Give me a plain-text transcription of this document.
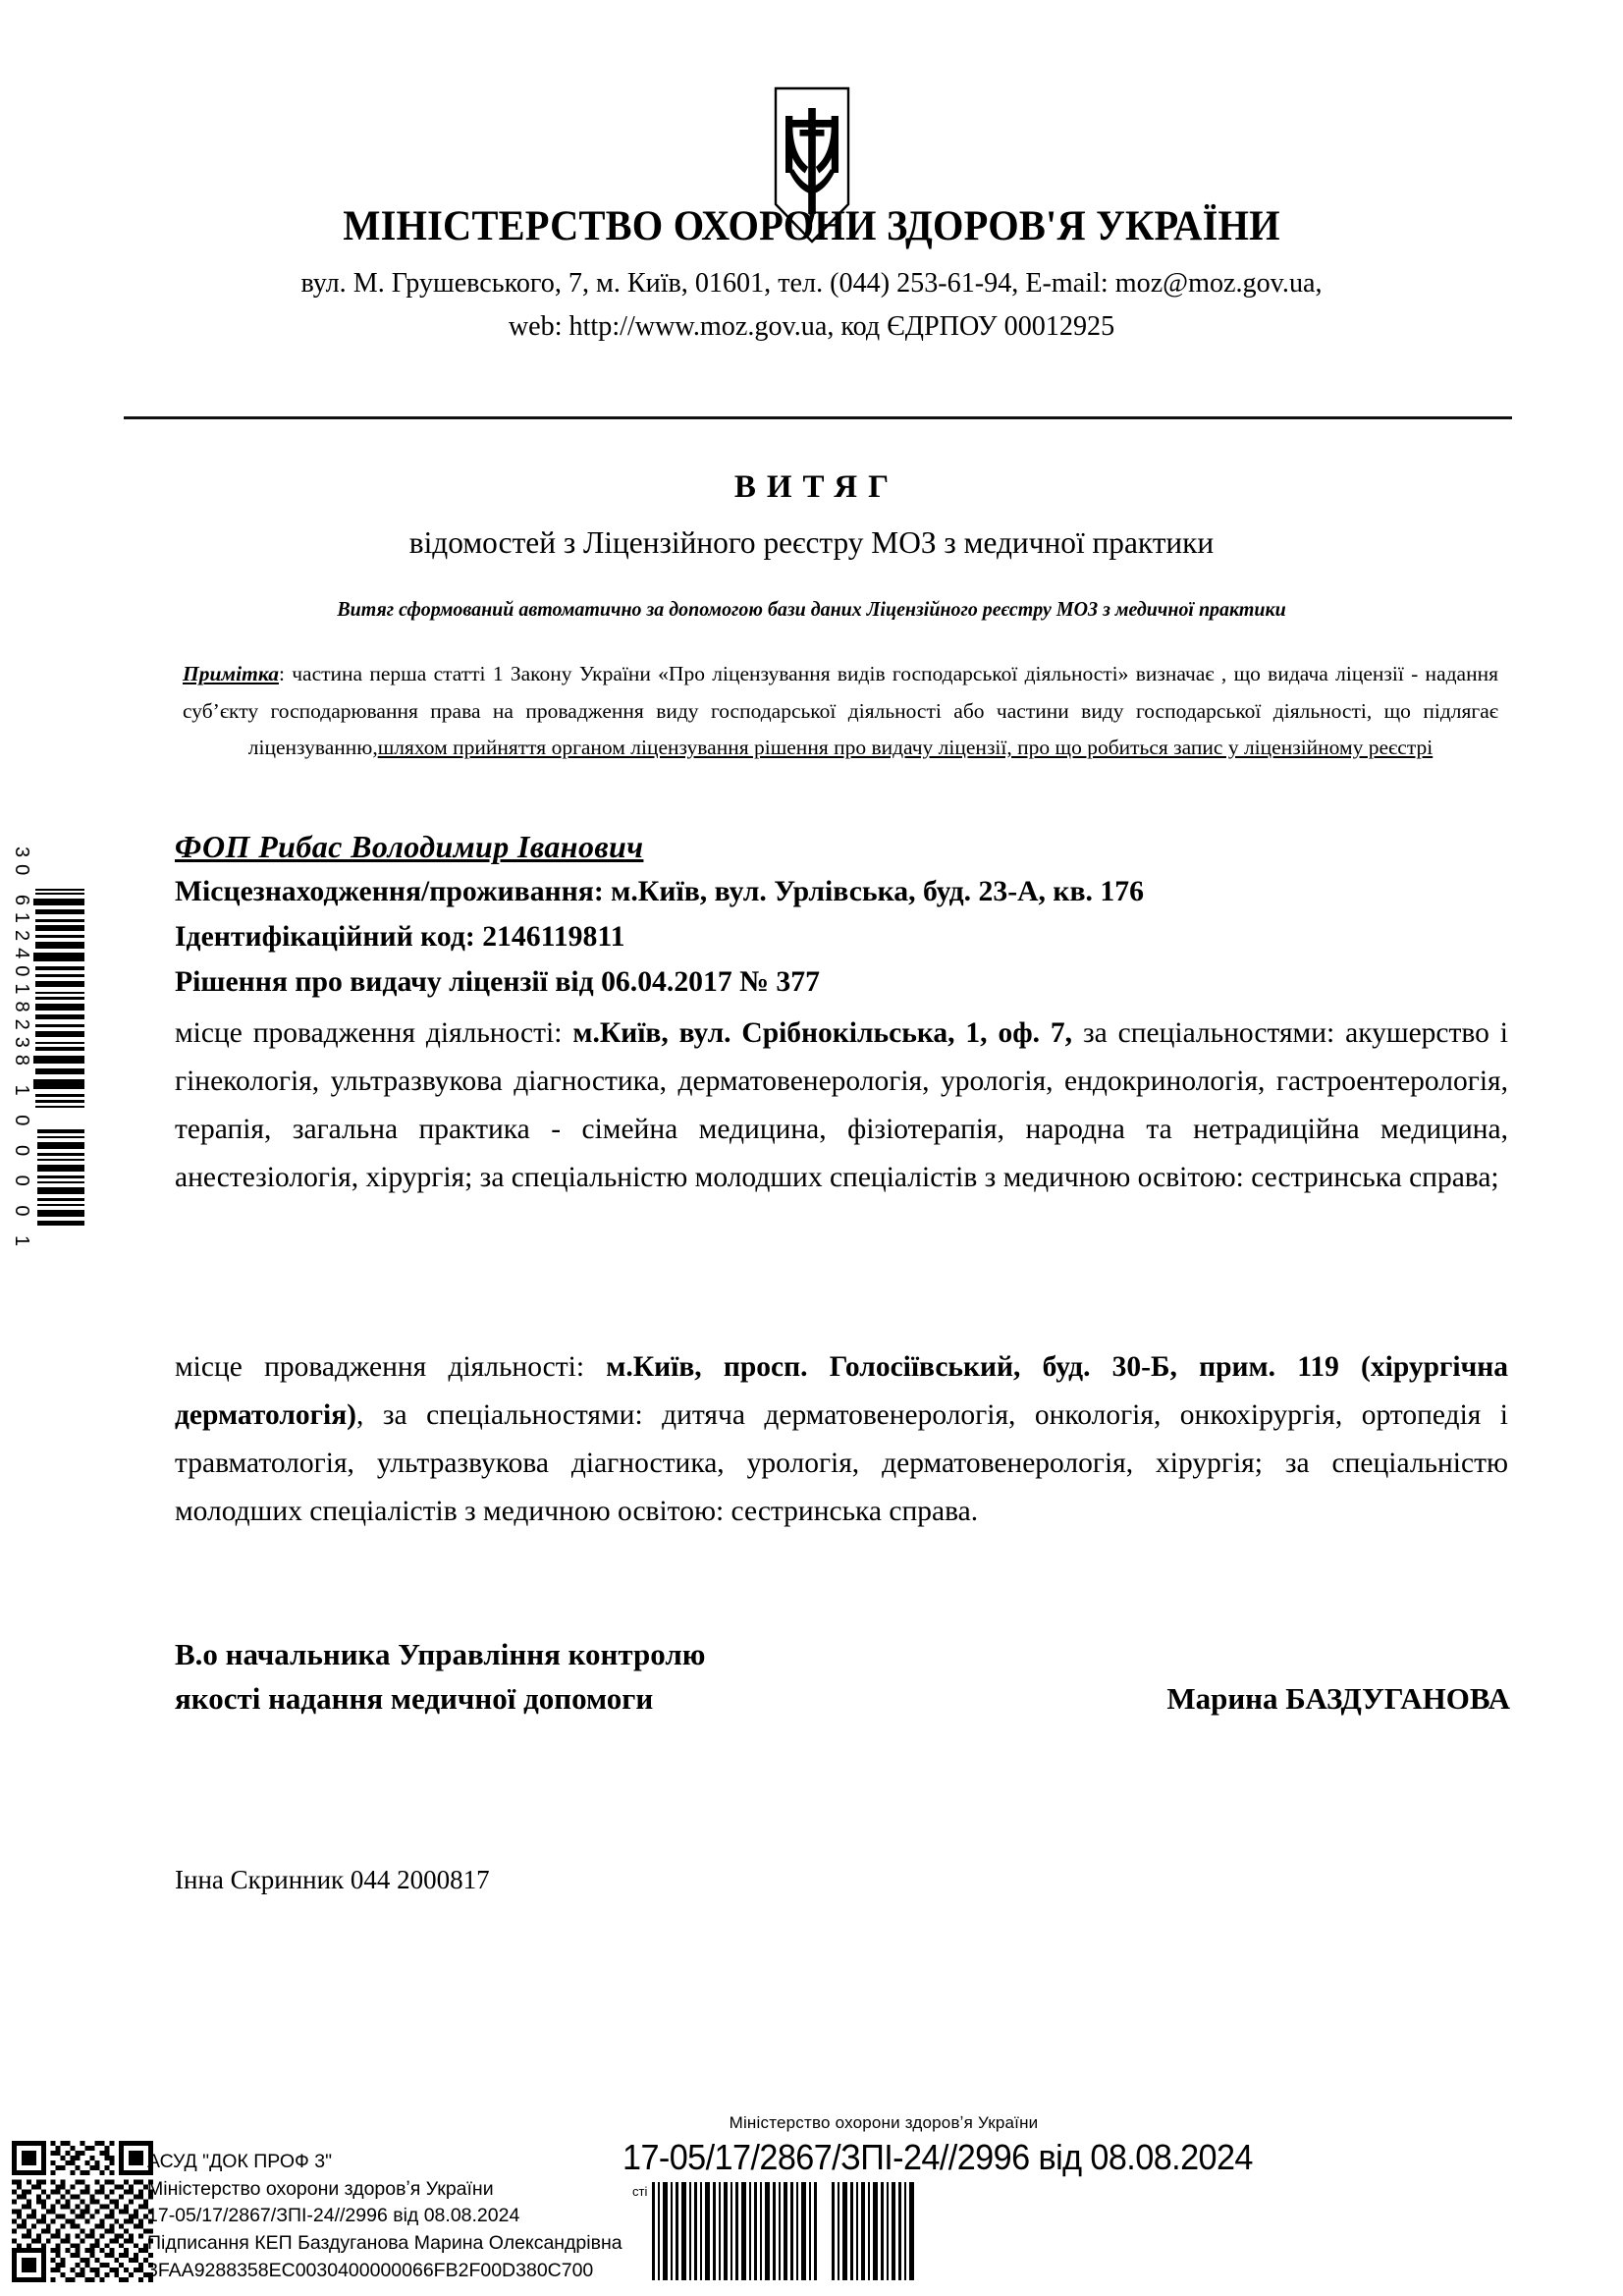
МІНІСТЕРСТВО ОХОРОНИ ЗДОРОВ'Я УКРАЇНИ
вул. М. Грушевського, 7, м. Київ, 01601, тел. (044) 253-61-94, E-mail: moz@moz.gov.ua,
web: http://www.moz.gov.ua, код ЄДРПОУ 00012925
ВИТЯГ
відомостей з Ліцензійного реєстру МОЗ з медичної практики
Витяг сформований автоматично за допомогою бази даних Ліцензійного реєстру МОЗ з медичної практики
Примітка: частина перша статті 1 Закону України «Про ліцензування видів господарської діяльності» визначає , що видача ліцензії - надання субʼєкту господарювання права на провадження виду господарської діяльності або частини виду господарської діяльності, що підлягає ліцензуванню,шляхом прийняття органом ліцензування рішення про видачу ліцензії, про що робиться запис у ліцензійному реєстрі
ФОП Рибас Володимир Іванович
Місцезнаходження/проживання: м.Київ, вул. Урлівська, буд. 23-А, кв. 176
Ідентифікаційний код: 2146119811
Рішення про видачу ліцензії від 06.04.2017 № 377
місце провадження діяльності: м.Київ, вул. Срібнокільська, 1, оф. 7, за спеціальностями: акушерство і гінекологія, ультразвукова діагностика, дерматовенерологія, урологія, ендокринологія, гастроентерологія, терапія, загальна практика - сімейна медицина, фізіотерапія, народна та нетрадиційна медицина, анестезіологія, хірургія; за спеціальністю молодших спеціалістів з медичною освітою: сестринська справа;
місце провадження діяльності: м.Київ, просп. Голосіївський, буд. 30-Б, прим. 119 (хірургічна дерматологія), за спеціальностями: дитяча дерматовенерологія, онкологія, онкохірургія, ортопедія і травматологія, ультразвукова діагностика, урологія, дерматовенерологія, хірургія; за спеціальністю молодших спеціалістів з медичною освітою: сестринська справа.
В.о начальника Управління контролю
якості надання медичної допомоги	Марина БАЗДУГАНОВА
Інна Скринник 044 2000817
30 6124018238 1 0 0 0 0 1
АСУД "ДОК ПРОФ 3"
Міністерство охорони здоровʼя України
17-05/17/2867/ЗПІ-24//2996 від 08.08.2024
Підписання КЕП Баздуганова Марина Олександрівна
3FAA9288358EC0030400000066FB2F00D380C700
Міністерство охорони здоровʼя України
17-05/17/2867/ЗПІ-24//2996 від 08.08.2024
сті
